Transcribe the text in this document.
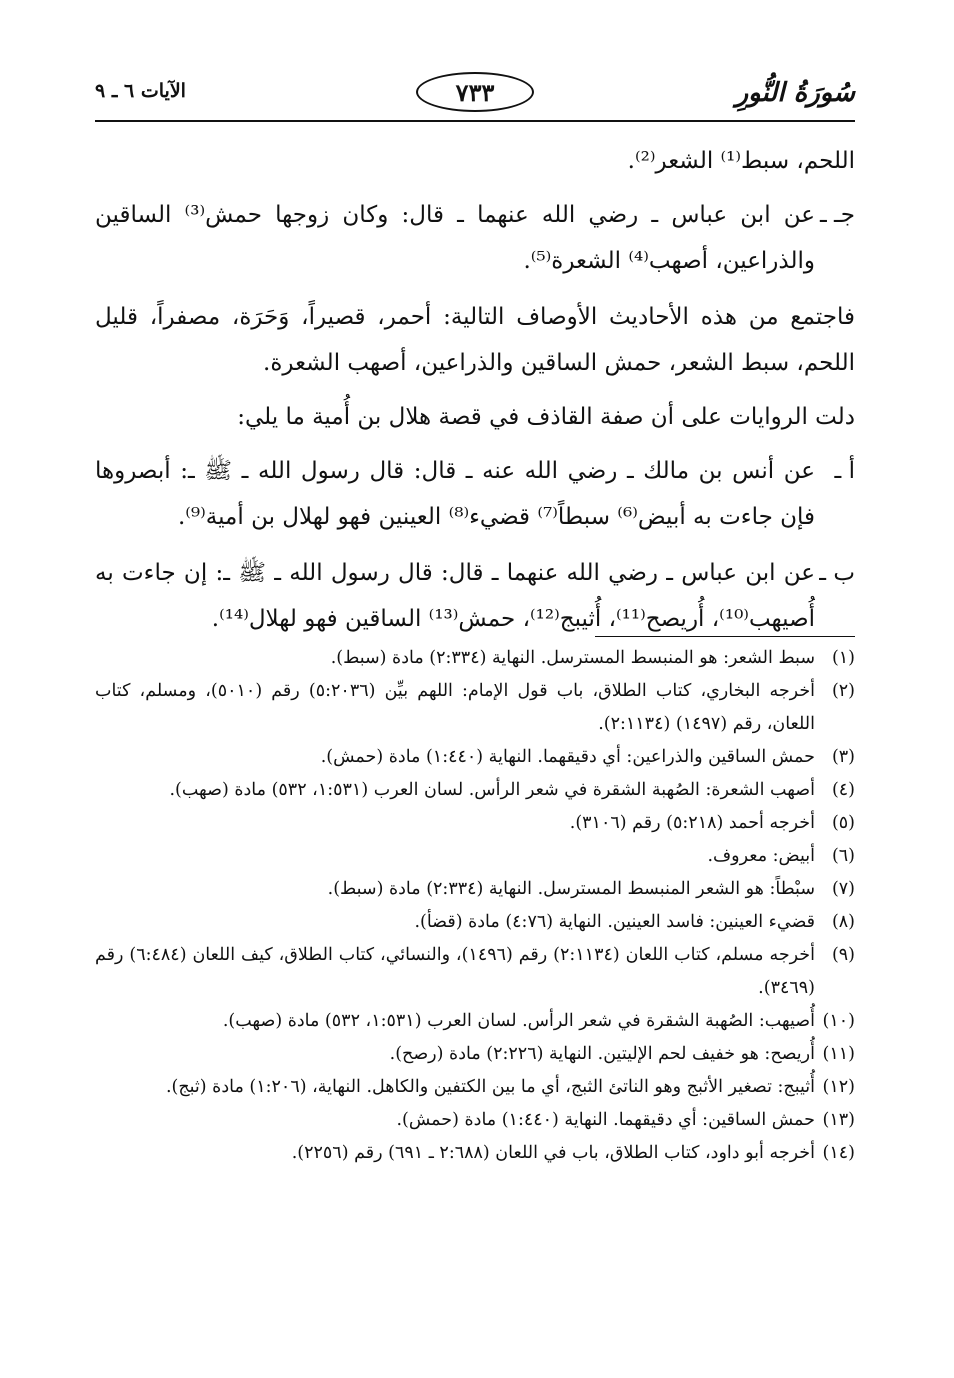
سُورَةُ النُّورِ
٧٣٣
الآيات ٦ ـ ٩

اللحم، سبط⁽¹⁾ الشعر⁽²⁾.

جـ ـ
عن ابن عباس ـ رضي الله عنهما ـ قال: وكان زوجها حمش⁽³⁾ الساقين والذراعين، أصهب⁽⁴⁾ الشعرة⁽⁵⁾.

فاجتمع من هذه الأحاديث الأوصاف التالية: أحمر، قصيراً، وَحَرَة، مصفراً، قليل اللحم، سبط الشعر، حمش الساقين والذراعين، أصهب الشعرة.

دلت الروايات على أن صفة القاذف في قصة هلال بن أُمية ما يلي:

أ ـ
عن أنس بن مالك ـ رضي الله عنه ـ قال: قال رسول الله ـ ﷺ ـ: أبصروها فإن جاءت به أبيض⁽⁶⁾ سبطاً⁽⁷⁾ قضيء⁽⁸⁾ العينين فهو لهلال بن أمية⁽⁹⁾.
ب ـ
عن ابن عباس ـ رضي الله عنهما ـ قال: قال رسول الله ـ ﷺ ـ: إن جاءت به أُصيهب⁽¹⁰⁾، أُريصح⁽¹¹⁾، أُثيبج⁽¹²⁾، حمش⁽¹³⁾ الساقين فهو لهلال⁽¹⁴⁾.
(١)
سبط الشعر: هو المنبسط المسترسل. النهاية (٢:٣٣٤) مادة (سبط).
(٢)
أخرجه البخاري، كتاب الطلاق، باب قول الإمام: اللهم بيِّن (٥:٢٠٣٦) رقم (٥٠١٠)، ومسلم، كتاب اللعان، رقم (١٤٩٧) (٢:١١٣٤).
(٣)
حمش الساقين والذراعين: أي دقيقهما. النهاية (١:٤٤٠) مادة (حمش).
(٤)
أصهب الشعرة: الصُهبة الشقرة في شعر الرأس. لسان العرب (١:٥٣١، ٥٣٢) مادة (صهب).
(٥)
أخرجه أحمد (٥:٢١٨) رقم (٣١٠٦).
(٦)
أبيض: معروف.
(٧)
سبْطاً: هو الشعر المنبسط المسترسل. النهاية (٢:٣٣٤) مادة (سبط).
(٨)
قضيء العينين: فاسد العينين. النهاية (٤:٧٦) مادة (قضأ).
(٩)
أخرجه مسلم، كتاب اللعان (٢:١١٣٤) رقم (١٤٩٦)، والنسائي، كتاب الطلاق، كيف اللعان (٦:٤٨٤) رقم (٣٤٦٩).
(١٠)
أُصيهب: الصُهبة الشقرة في شعر الرأس. لسان العرب (١:٥٣١، ٥٣٢) مادة (صهب).
(١١)
أُريصح: هو خفيف لحم الإليتين. النهاية (٢:٢٢٦) مادة (رصح).
(١٢)
أُثيبج: تصغير الأثبج وهو الناتئ الثبج، أي ما بين الكتفين والكاهل. النهاية، (١:٢٠٦) مادة (ثبج).
(١٣)
حمش الساقين: أي دقيقهما. النهاية (١:٤٤٠) مادة (حمش).
(١٤)
أخرجه أبو داود، كتاب الطلاق، باب في اللعان (٢:٦٨٨ ـ ٦٩١) رقم (٢٢٥٦).
